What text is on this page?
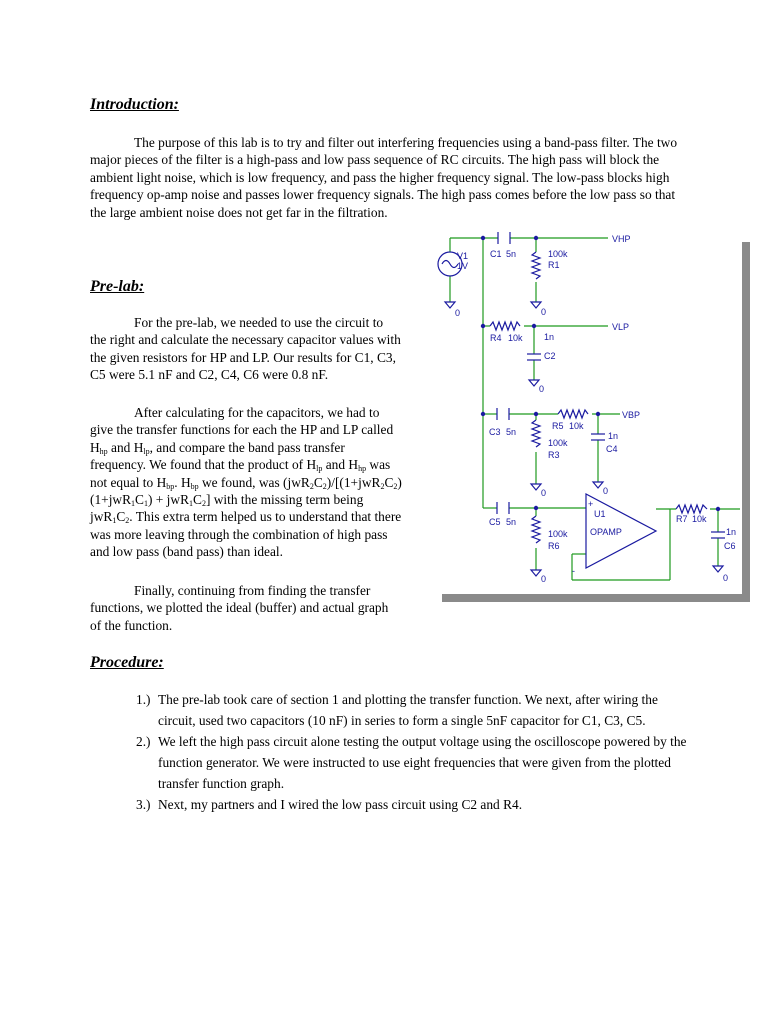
Introduction:

The purpose of this lab is to try and filter out interfering frequencies using a band-pass filter. The two major pieces of the filter is a high-pass and low pass sequence of RC circuits. The high pass will block the ambient light noise, which is low frequency, and pass the higher frequency signal. The low-pass blocks high frequency op-amp noise and passes lower frequency signals. The high pass comes before the low pass so that the large ambient noise does not get far in the filtration.

Pre-lab:

For the pre-lab, we needed to use the circuit to the right and calculate the necessary capacitor values with the given resistors for HP and LP. Our results for C1, C3, C5 were 5.1 nF and C2, C4, C6 were 0.8 nF.

After calculating for the capacitors, we had to give the transfer functions for each the HP and LP called $H_{hp}$ and $H_{lp}$, and compare the band pass transfer frequency. We found that the product of $H_{lp}$ and $H_{hp}$ was not equal to $H_{bp}$. $H_{bp}$ we found, was $(jwR_2C_2)/[(1+jwR_2C_2)(1+jwR_1C_1) + jwR_1C_2]$ with the missing term being $jwR_1C_2$. This extra term helped us to understand that there was more leaving through the combination of high pass and low pass (band pass) than ideal.

Finally, continuing from finding the transfer functions, we plotted the ideal (buffer) and actual graph of the function.

V1
1V
0
C1 5n	100k
R1
VHP
0
R4 10k 1n
C2
VLP
0
C3 5n
R5 10k
VBP
100k
R3
1n
C4
0	0
C5 5n
100k
R6
0
+
-
U1
OPAMP
R7 10k
1n
C6
0
Procedure:
1.) The pre-lab took care of section 1 and plotting the transfer function. We next, after wiring the circuit, used two capacitors (10 nF) in series to form a single 5nF capacitor for C1, C3, C5.
2.) We left the high pass circuit alone testing the output voltage using the oscilloscope powered by the function generator. We were instructed to use eight frequencies that were given from the plotted transfer function graph.
3.) Next, my partners and I wired the low pass circuit using C2 and R4.
